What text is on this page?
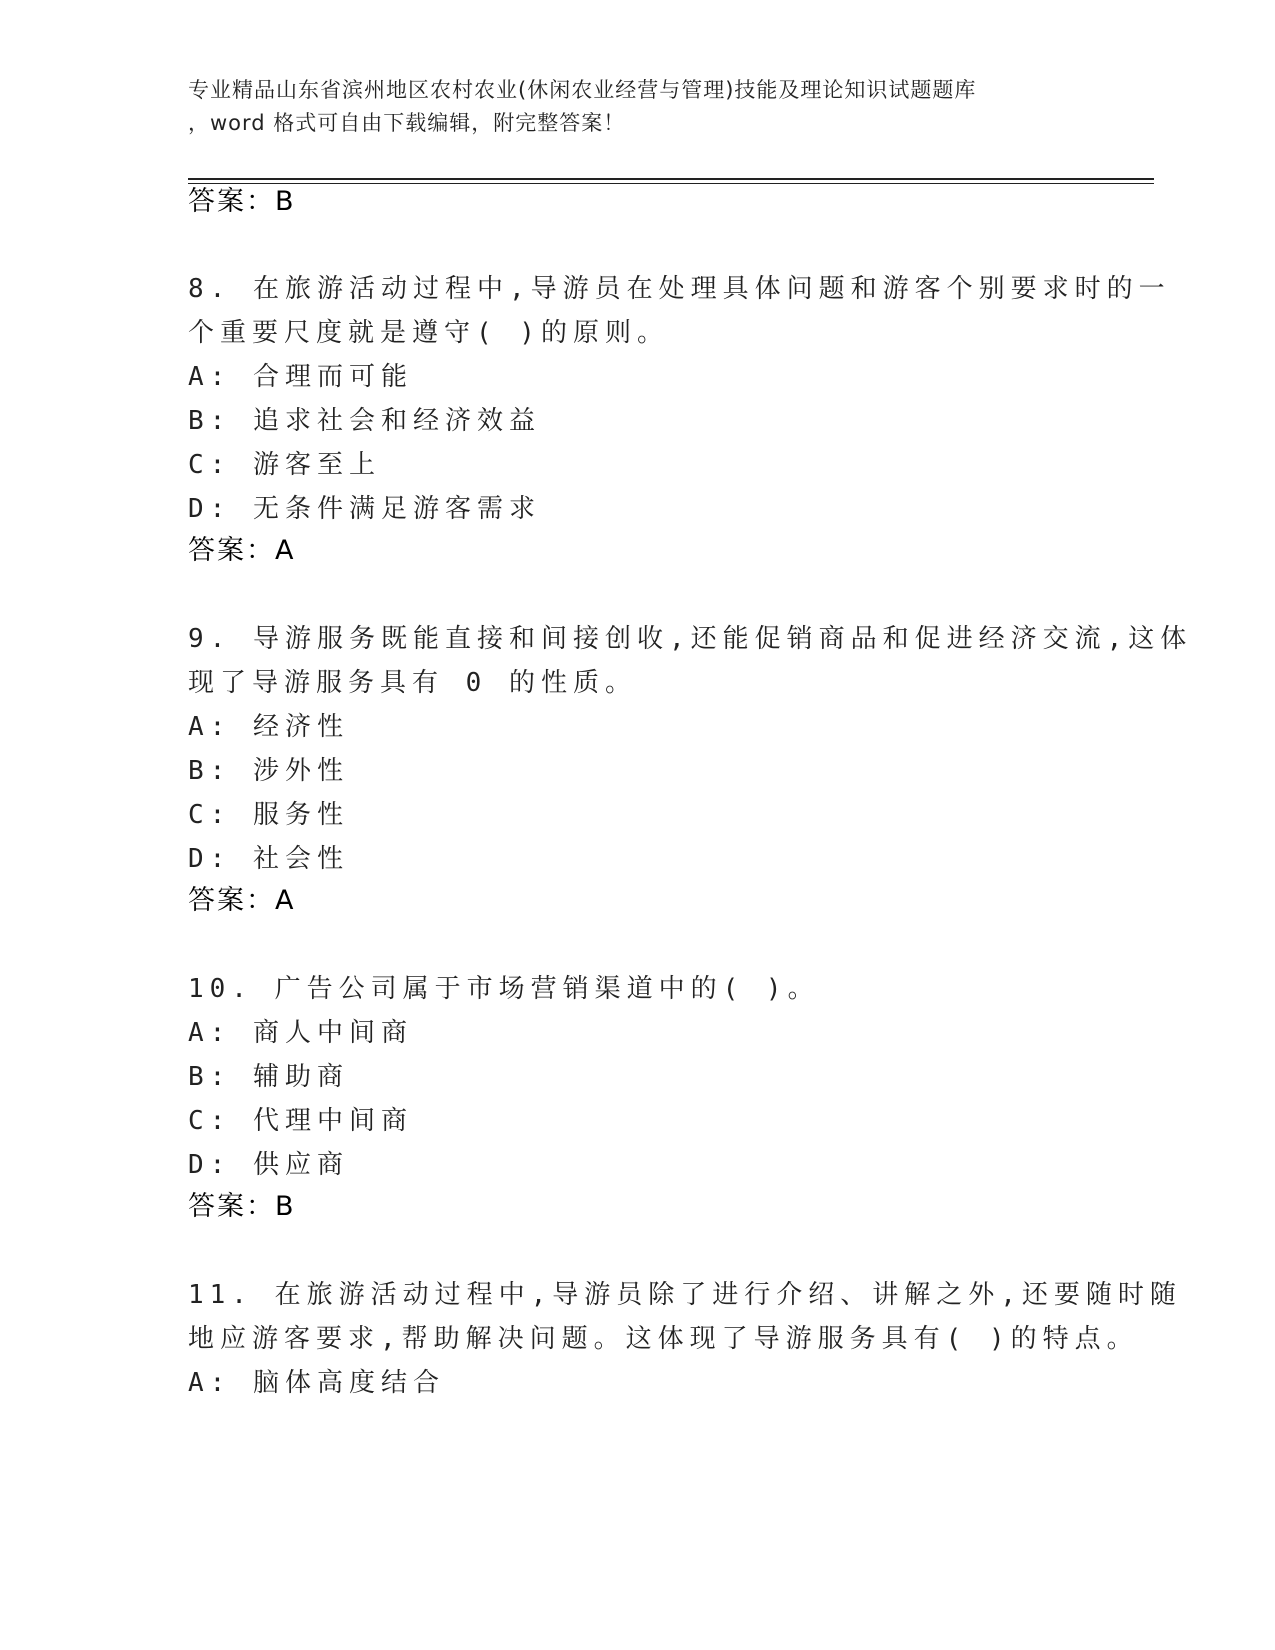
专业精品山东省滨州地区农村农业(休闲农业经营与管理)技能及理论知识试题题库
，word 格式可自由下载编辑，附完整答案！
答案：B
8. 在旅游活动过程中,导游员在处理具体问题和游客个别要求时的一
个重要尺度就是遵守( )的原则。
A: 合理而可能
B: 追求社会和经济效益
C: 游客至上
D: 无条件满足游客需求
答案：A
9. 导游服务既能直接和间接创收,还能促销商品和促进经济交流,这体
现了导游服务具有 0 的性质。
A: 经济性
B: 涉外性
C: 服务性
D: 社会性
答案：A
10. 广告公司属于市场营销渠道中的( )。
A: 商人中间商
B: 辅助商
C: 代理中间商
D: 供应商
答案：B
11. 在旅游活动过程中,导游员除了进行介绍、讲解之外,还要随时随
地应游客要求,帮助解决问题。这体现了导游服务具有( )的特点。
A: 脑体高度结合
